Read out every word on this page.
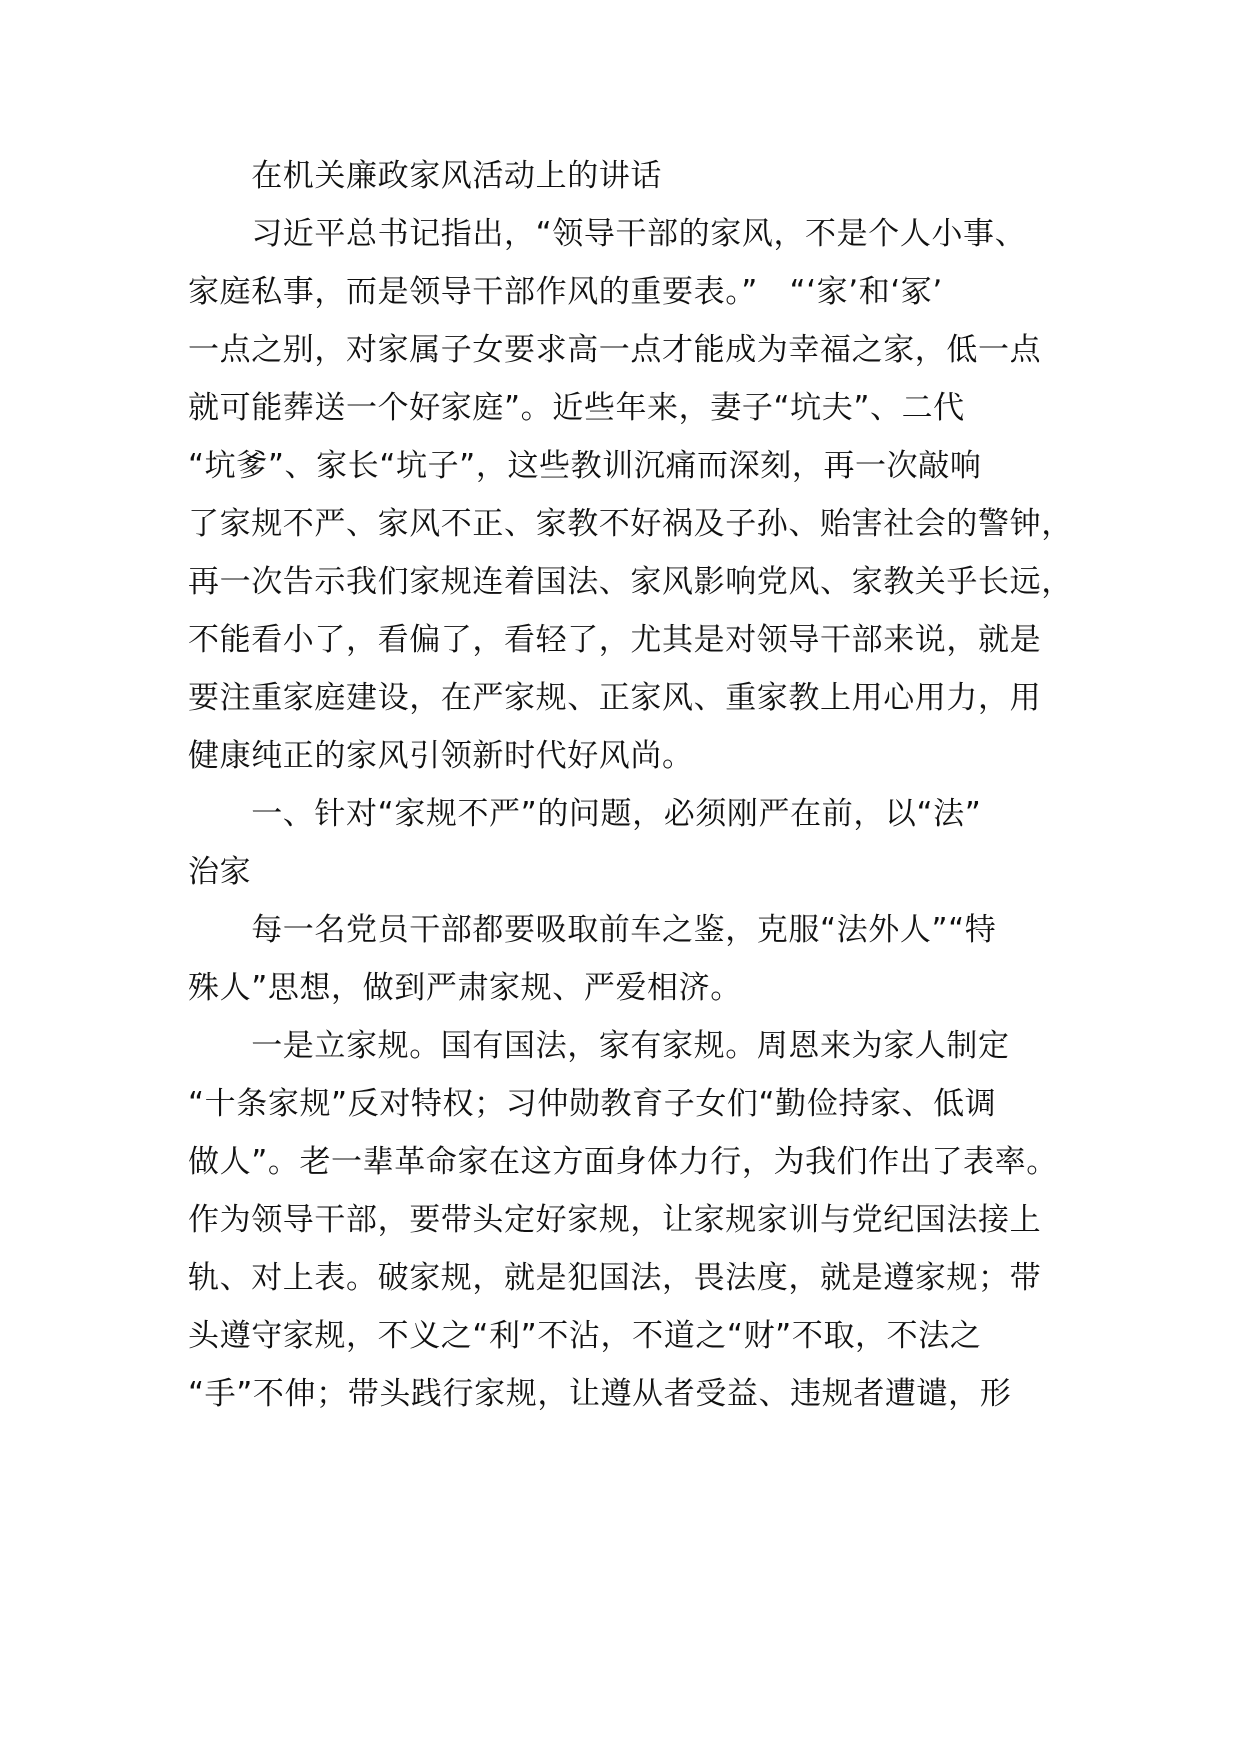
　　在机关廉政家风活动上的讲话
　　习近平总书记指出，“领导干部的家风，不是个人小事、
家庭私事，而是领导干部作风的重要表。”　“‘家’和‘冢’
一点之别，对家属子女要求高一点才能成为幸福之家，低一点
就可能葬送一个好家庭”。近些年来，妻子“坑夫”、二代
“坑爹”、家长“坑子”，这些教训沉痛而深刻，再一次敲响
了家规不严、家风不正、家教不好祸及子孙、贻害社会的警钟，
再一次告示我们家规连着国法、家风影响党风、家教关乎长远，
不能看小了，看偏了，看轻了，尤其是对领导干部来说，就是
要注重家庭建设，在严家规、正家风、重家教上用心用力，用
健康纯正的家风引领新时代好风尚。
　　一、针对“家规不严”的问题，必须刚严在前，以“法”
治家
　　每一名党员干部都要吸取前车之鉴，克服“法外人”“特
殊人”思想，做到严肃家规、严爱相济。
　　一是立家规。国有国法，家有家规。周恩来为家人制定
“十条家规”反对特权；习仲勋教育子女们“勤俭持家、低调
做人”。老一辈革命家在这方面身体力行，为我们作出了表率。
作为领导干部，要带头定好家规，让家规家训与党纪国法接上
轨、对上表。破家规，就是犯国法，畏法度，就是遵家规；带
头遵守家规，不义之“利”不沾，不道之“财”不取，不法之
“手”不伸；带头践行家规，让遵从者受益、违规者遭谴，形
